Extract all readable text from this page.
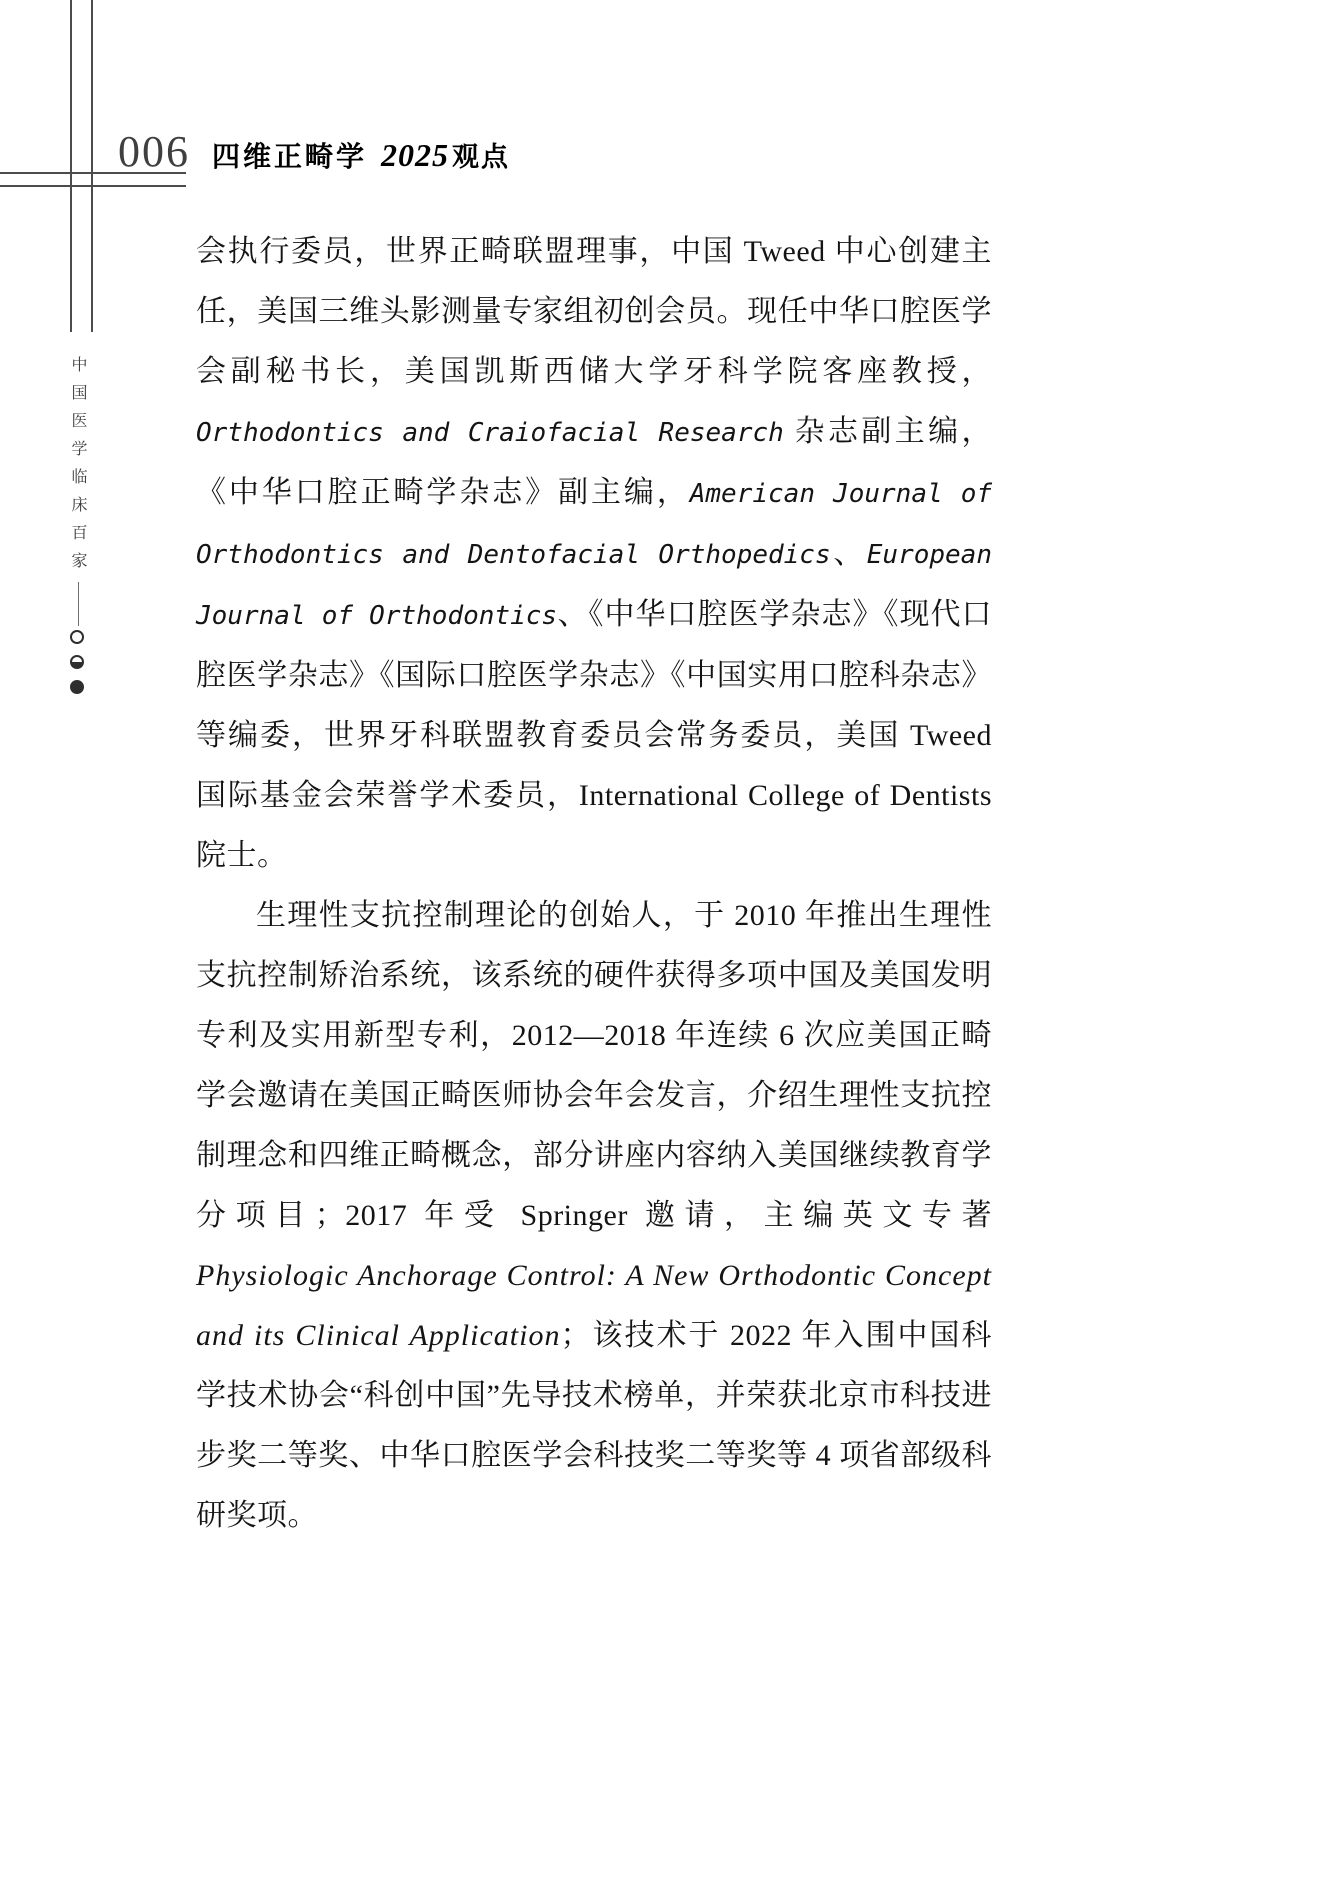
006 四维正畸学 2025 观点
中国医学临床百家

会执行委员，世界正畸联盟理事，中国 Tweed 中心创建主任，美国三维头影测量专家组初创会员。现任中华口腔医学会副秘书长，美国凯斯西储大学牙科学院客座教授，Orthodontics and Craiofacial Research 杂志副主编，《中华口腔正畸学杂志》副主编，American Journal of Orthodontics and Dentofacial Orthopedics、European Journal of Orthodontics、《中华口腔医学杂志》《现代口腔医学杂志》《国际口腔医学杂志》《中国实用口腔科杂志》等编委，世界牙科联盟教育委员会常务委员，美国 Tweed 国际基金会荣誉学术委员，International College of Dentists 院士。

生理性支抗控制理论的创始人，于 2010 年推出生理性支抗控制矫治系统，该系统的硬件获得多项中国及美国发明专利及实用新型专利，2012—2018 年连续 6 次应美国正畸学会邀请在美国正畸医师协会年会发言，介绍生理性支抗控制理念和四维正畸概念，部分讲座内容纳入美国继续教育学分项目；2017 年受 Springer 邀请，主编英文专著 Physiologic Anchorage Control: A New Orthodontic Concept and its Clinical Application；该技术于 2022 年入围中国科学技术协会“科创中国”先导技术榜单，并荣获北京市科技进步奖二等奖、中华口腔医学会科技奖二等奖等 4 项省部级科研奖项。
